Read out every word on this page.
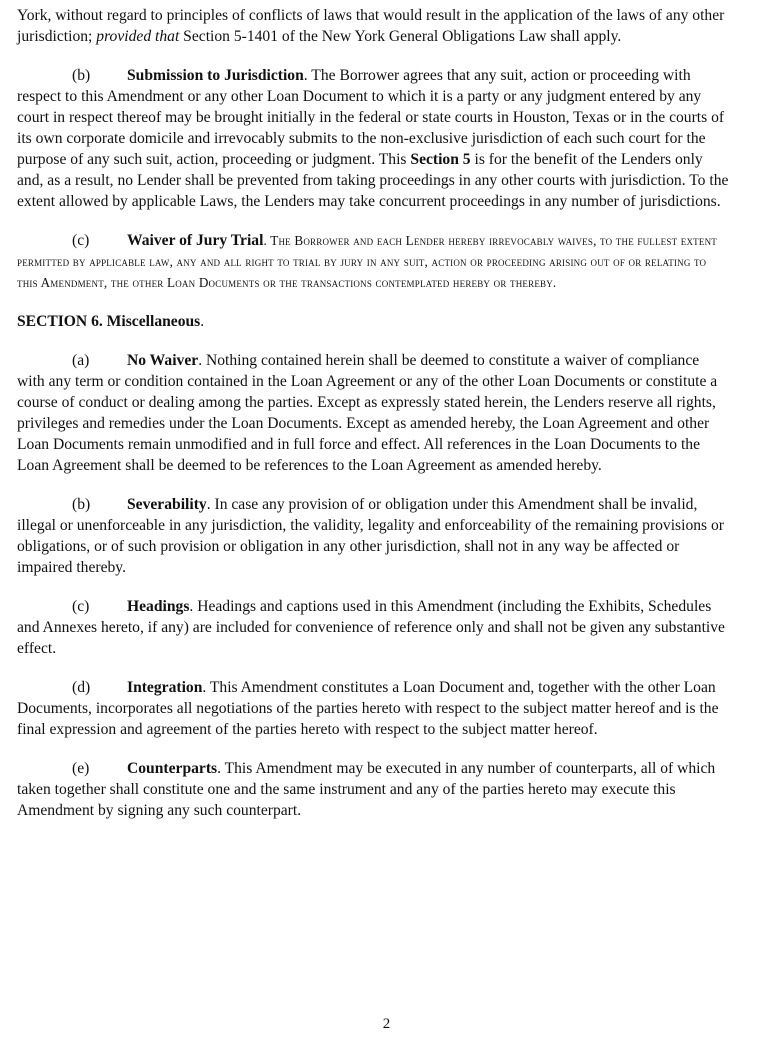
York, without regard to principles of conflicts of laws that would result in the application of the laws of any other jurisdiction; provided that Section 5-1401 of the New York General Obligations Law shall apply.

(b) Submission to Jurisdiction. The Borrower agrees that any suit, action or proceeding with respect to this Amendment or any other Loan Document to which it is a party or any judgment entered by any court in respect thereof may be brought initially in the federal or state courts in Houston, Texas or in the courts of its own corporate domicile and irrevocably submits to the non-exclusive jurisdiction of each such court for the purpose of any such suit, action, proceeding or judgment. This Section 5 is for the benefit of the Lenders only and, as a result, no Lender shall be prevented from taking proceedings in any other courts with jurisdiction. To the extent allowed by applicable Laws, the Lenders may take concurrent proceedings in any number of jurisdictions.

(c) Waiver of Jury Trial. The Borrower and each Lender hereby irrevocably waives, to the fullest extent permitted by applicable law, any and all right to trial by jury in any suit, action or proceeding arising out of or relating to this Amendment, the other Loan Documents or the transactions contemplated hereby or thereby.

SECTION 6. Miscellaneous.

(a) No Waiver. Nothing contained herein shall be deemed to constitute a waiver of compliance with any term or condition contained in the Loan Agreement or any of the other Loan Documents or constitute a course of conduct or dealing among the parties. Except as expressly stated herein, the Lenders reserve all rights, privileges and remedies under the Loan Documents. Except as amended hereby, the Loan Agreement and other Loan Documents remain unmodified and in full force and effect. All references in the Loan Documents to the Loan Agreement shall be deemed to be references to the Loan Agreement as amended hereby.

(b) Severability. In case any provision of or obligation under this Amendment shall be invalid, illegal or unenforceable in any jurisdiction, the validity, legality and enforceability of the remaining provisions or obligations, or of such provision or obligation in any other jurisdiction, shall not in any way be affected or impaired thereby.

(c) Headings. Headings and captions used in this Amendment (including the Exhibits, Schedules and Annexes hereto, if any) are included for convenience of reference only and shall not be given any substantive effect.

(d) Integration. This Amendment constitutes a Loan Document and, together with the other Loan Documents, incorporates all negotiations of the parties hereto with respect to the subject matter hereof and is the final expression and agreement of the parties hereto with respect to the subject matter hereof.

(e) Counterparts. This Amendment may be executed in any number of counterparts, all of which taken together shall constitute one and the same instrument and any of the parties hereto may execute this Amendment by signing any such counterpart.

2
